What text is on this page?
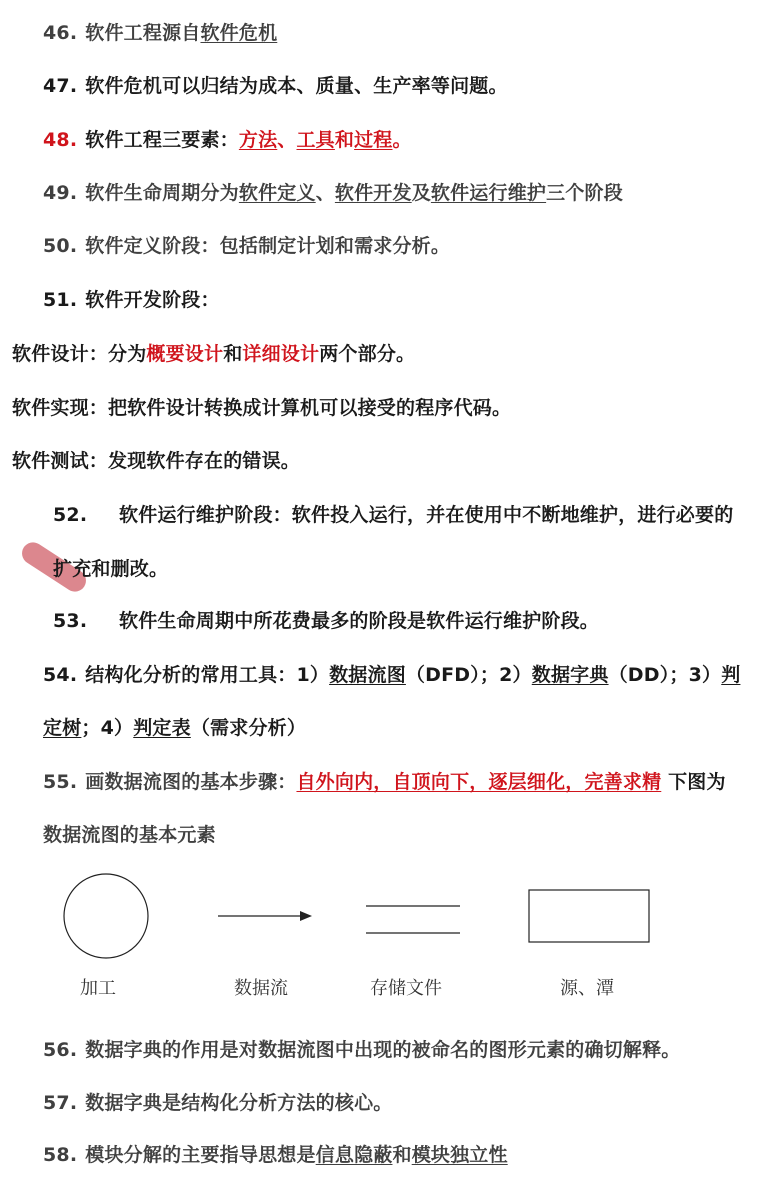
46. 软件工程源自软件危机
47. 软件危机可以归结为成本、质量、生产率等问题。
48. 软件工程三要素：方法、工具和过程。
49. 软件生命周期分为软件定义、软件开发及软件运行维护三个阶段
50. 软件定义阶段：包括制定计划和需求分析。
51. 软件开发阶段：
软件设计：分为概要设计和详细设计两个部分。
软件实现：把软件设计转换成计算机可以接受的程序代码。
软件测试：发现软件存在的错误。
52. 软件运行维护阶段：软件投入运行，并在使用中不断地维护，进行必要的
扩充和删改。
53. 软件生命周期中所花费最多的阶段是软件运行维护阶段。
54. 结构化分析的常用工具：1）数据流图（DFD）；2）数据字典（DD）；3）判
定树；4）判定表（需求分析）
55. 画数据流图的基本步骤：自外向内，自顶向下，逐层细化，完善求精 下图为
数据流图的基本元素
加工	数据流	存储文件	源、潭
56. 数据字典的作用是对数据流图中出现的被命名的图形元素的确切解释。
57. 数据字典是结构化分析方法的核心。
58. 模块分解的主要指导思想是信息隐蔽和模块独立性
